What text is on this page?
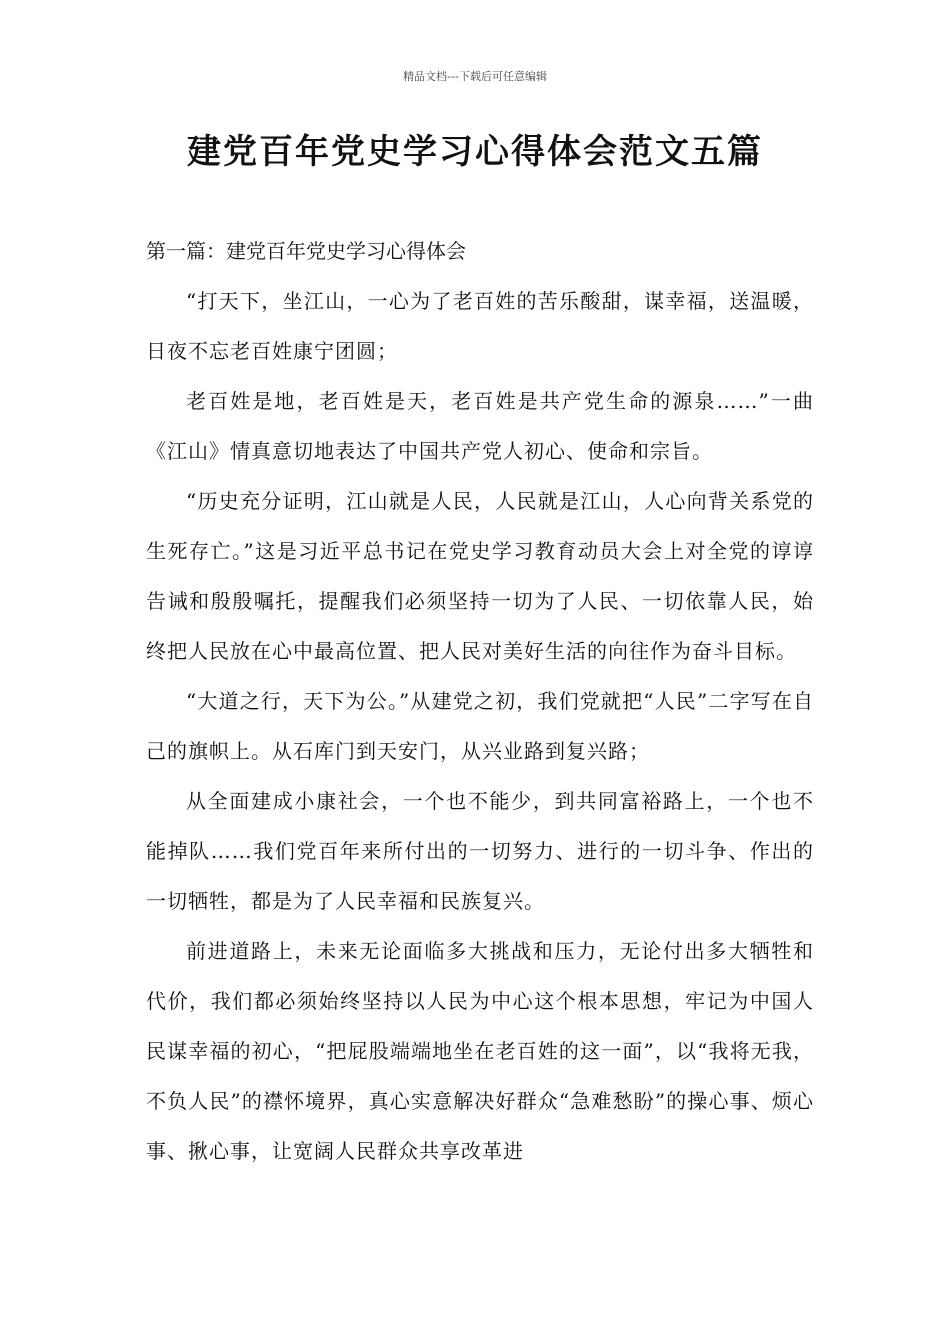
精品文档---下载后可任意编辑
建党百年党史学习心得体会范文五篇

第一篇：建党百年党史学习心得体会

“打天下，坐江山，一心为了老百姓的苦乐酸甜，谋幸福，送温暖，日夜不忘老百姓康宁团圆；

老百姓是地，老百姓是天，老百姓是共产党生命的源泉……”一曲《江山》情真意切地表达了中国共产党人初心、使命和宗旨。

“历史充分证明，江山就是人民，人民就是江山，人心向背关系党的生死存亡。”这是习近平总书记在党史学习教育动员大会上对全党的谆谆告诫和殷殷嘱托，提醒我们必须坚持一切为了人民、一切依靠人民，始终把人民放在心中最高位置、把人民对美好生活的向往作为奋斗目标。

“大道之行，天下为公。”从建党之初，我们党就把“人民”二字写在自己的旗帜上。从石库门到天安门，从兴业路到复兴路；

从全面建成小康社会，一个也不能少，到共同富裕路上，一个也不能掉队……我们党百年来所付出的一切努力、进行的一切斗争、作出的一切牺牲，都是为了人民幸福和民族复兴。

前进道路上，未来无论面临多大挑战和压力，无论付出多大牺牲和代价，我们都必须始终坚持以人民为中心这个根本思想，牢记为中国人民谋幸福的初心，“把屁股端端地坐在老百姓的这一面”，以“我将无我，不负人民”的襟怀境界，真心实意解决好群众“急难愁盼”的操心事、烦心事、揪心事，让宽阔人民群众共享改革进
